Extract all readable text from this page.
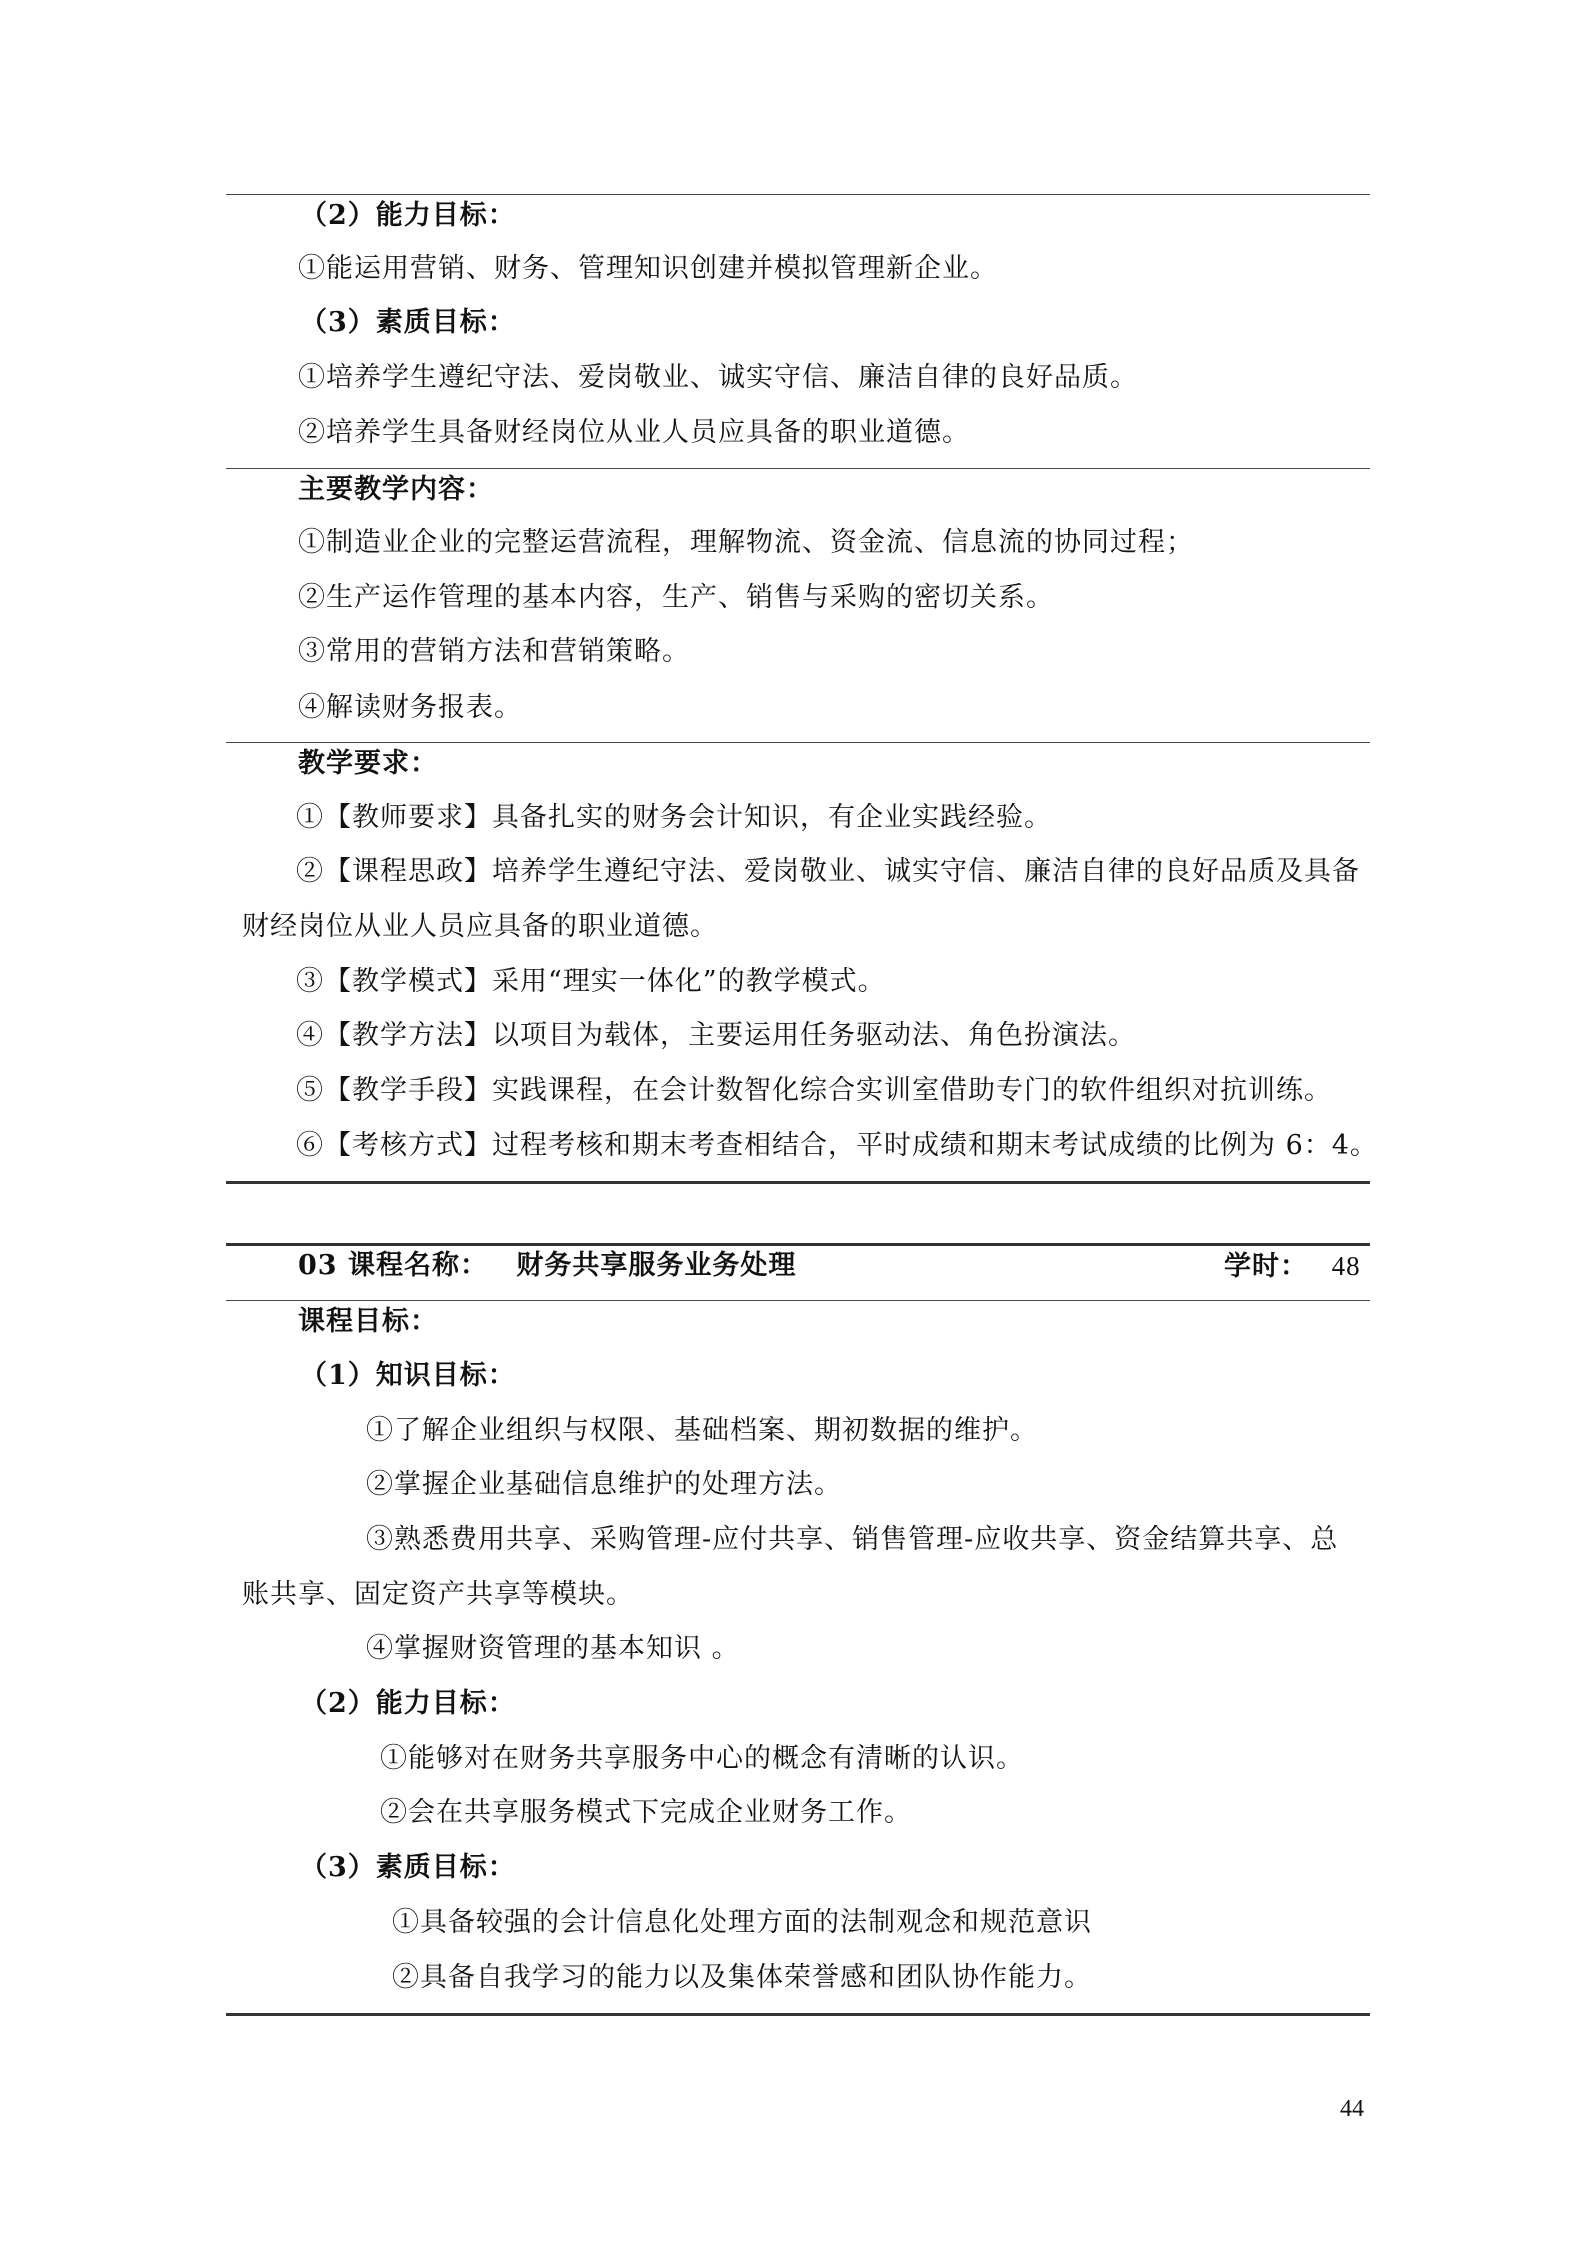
（2）能力目标：
①能运用营销、财务、管理知识创建并模拟管理新企业。
（3）素质目标：
①培养学生遵纪守法、爱岗敬业、诚实守信、廉洁自律的良好品质。
②培养学生具备财经岗位从业人员应具备的职业道德。
主要教学内容：
①制造业企业的完整运营流程，理解物流、资金流、信息流的协同过程；
②生产运作管理的基本内容，生产、销售与采购的密切关系。
③常用的营销方法和营销策略。
④解读财务报表。
教学要求：
①【教师要求】具备扎实的财务会计知识，有企业实践经验。
②【课程思政】培养学生遵纪守法、爱岗敬业、诚实守信、廉洁自律的良好品质及具备
财经岗位从业人员应具备的职业道德。
③【教学模式】采用“理实一体化”的教学模式。
④【教学方法】以项目为载体，主要运用任务驱动法、角色扮演法。
⑤【教学手段】实践课程，在会计数智化综合实训室借助专门的软件组织对抗训练。
⑥【考核方式】过程考核和期末考查相结合，平时成绩和期末考试成绩的比例为 6：4。
03 课程名称： 财务共享服务业务处理	学时： 48
课程目标：
（1）知识目标：
①了解企业组织与权限、基础档案、期初数据的维护。
②掌握企业基础信息维护的处理方法。
③熟悉费用共享、采购管理-应付共享、销售管理-应收共享、资金结算共享、总
账共享、固定资产共享等模块。
④掌握财资管理的基本知识 。
（2）能力目标：
①能够对在财务共享服务中心的概念有清晰的认识。
②会在共享服务模式下完成企业财务工作。
（3）素质目标：
①具备较强的会计信息化处理方面的法制观念和规范意识
②具备自我学习的能力以及集体荣誉感和团队协作能力。
44
